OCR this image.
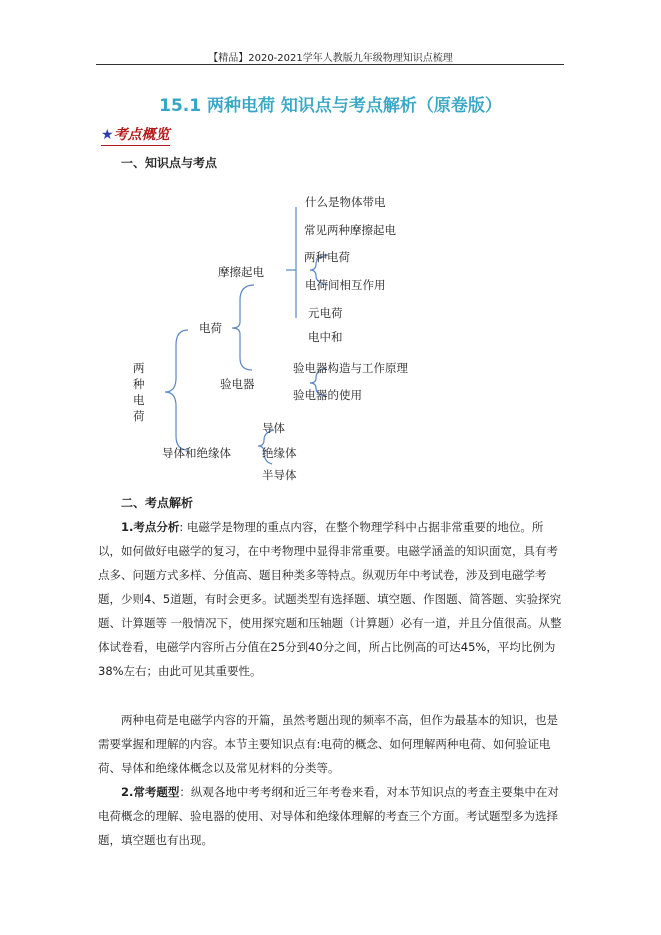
【精品】2020-2021学年人教版九年级物理知识点梳理
15.1 两种电荷 知识点与考点解析（原卷版）
★考点概览
一、知识点与考点
两
种
电
荷
电荷
导体和绝缘体
摩擦起电
验电器
什么是物体带电
常见两种摩擦起电
两种电荷
电荷间相互作用
元电荷
电中和
验电器构造与工作原理
验电器的使用
导体
绝缘体
半导体
二、考点解析
1.考点分析: 电磁学是物理的重点内容，在整个物理学科中占据非常重要的地位。所以，如何做好电磁学的复习，在中考物理中显得非常重要。电磁学涵盖的知识面宽，具有考点多、问题方式多样、分值高、题目种类多等特点。纵观历年中考试卷，涉及到电磁学考题，少则4、5道题，有时会更多。试题类型有选择题、填空题、作图题、简答题、实验探究题、计算题等 一般情况下，使用探究题和压轴题（计算题）必有一道，并且分值很高。从整体试卷看，电磁学内容所占分值在25分到40分之间，所占比例高的可达45%，平均比例为38%左右；由此可见其重要性。
两种电荷是电磁学内容的开篇，虽然考题出现的频率不高，但作为最基本的知识，也是需要掌握和理解的内容。本节主要知识点有:电荷的概念、如何理解两种电荷、如何验证电荷、导体和绝缘体概念以及常见材料的分类等。
2.常考题型：纵观各地中考考纲和近三年考卷来看，对本节知识点的考查主要集中在对电荷概念的理解、验电器的使用、对导体和绝缘体理解的考查三个方面。考试题型多为选择题，填空题也有出现。
